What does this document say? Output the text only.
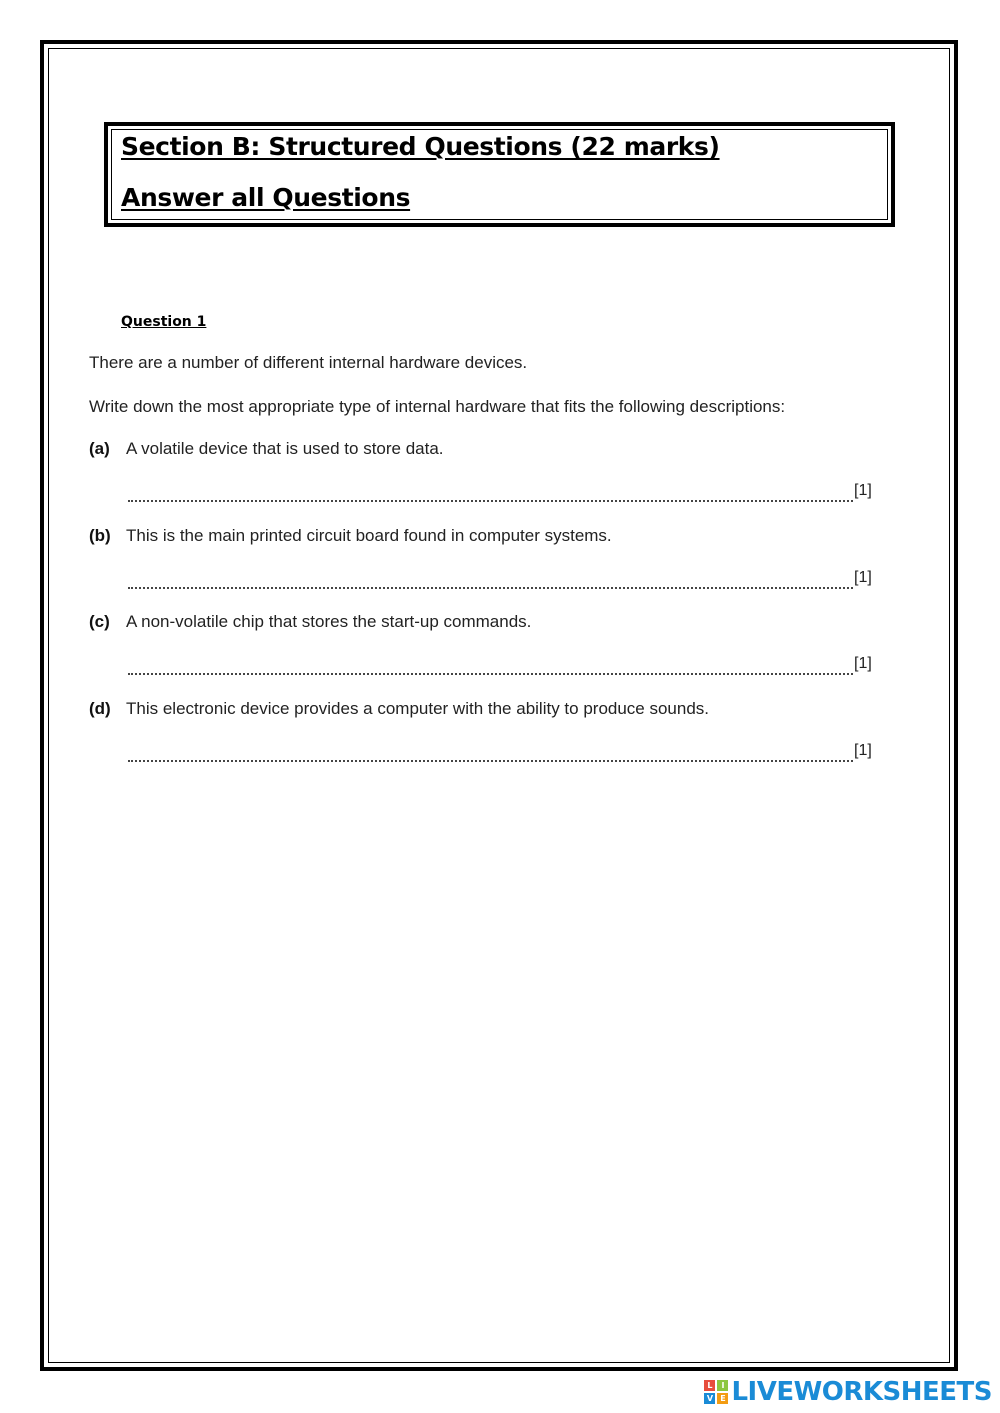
Section B: Structured Questions (22 marks)
Answer all Questions
Question 1
There are a number of different internal hardware devices.
Write down the most appropriate type of internal hardware that fits the following descriptions:
(a) A volatile device that is used to store data.
[1]
(b) This is the main printed circuit board found in computer systems.
[1]
(c) A non-volatile chip that stores the start-up commands.
[1]
(d) This electronic device provides a computer with the ability to produce sounds.
[1]
L	I
V E LIVEWORKSHEETS
